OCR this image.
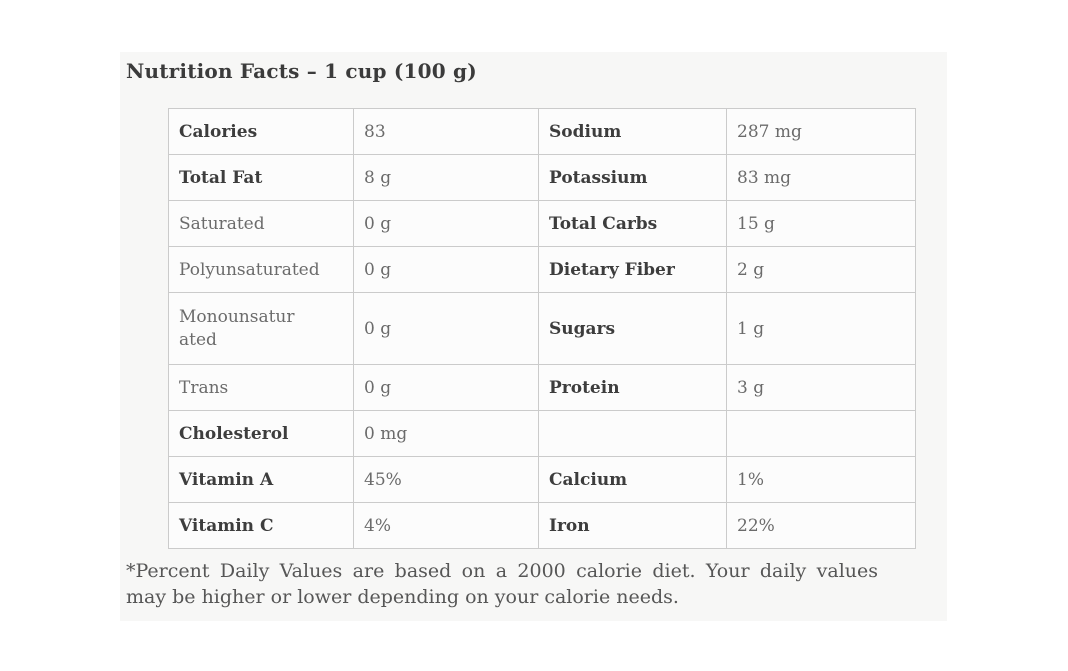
Nutrition Facts – 1 cup (100 g)
Calories	83	Sodium	287 mg
Total Fat	8 g	Potassium	83 mg
Saturated	0 g	Total Carbs	15 g
Polyunsaturated	0 g	Dietary Fiber	2 g
Monounsaturated	0 g	Sugars	1 g
Trans	0 g	Protein	3 g
Cholesterol	0 mg		
Vitamin A	45%	Calcium	1%
Vitamin C	4%	Iron	22%
*Percent Daily Values are based on a 2000 calorie diet. Your daily values
may be higher or lower depending on your calorie needs.
